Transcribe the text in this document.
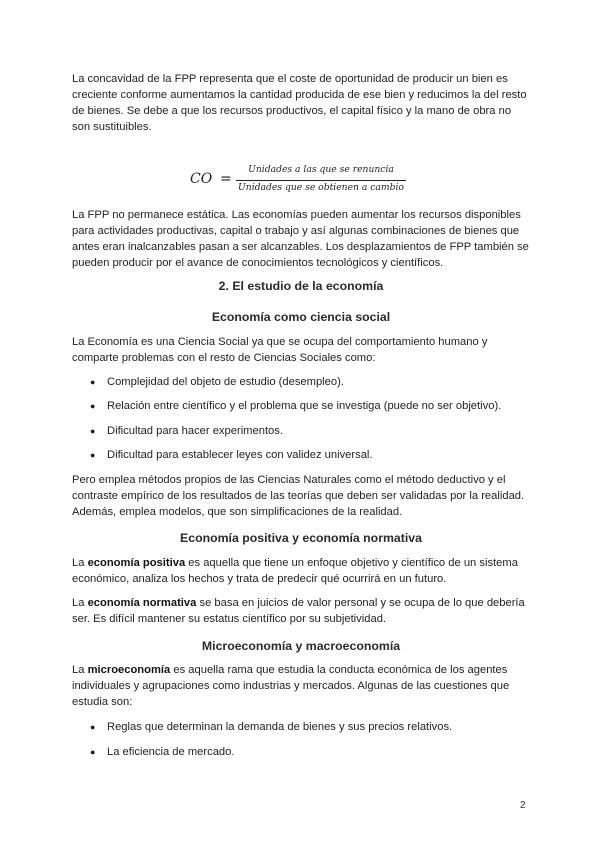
La concavidad de la FPP representa que el coste de oportunidad de producir un bien es creciente conforme aumentamos la cantidad producida de ese bien y reducimos la del resto de bienes. Se debe a que los recursos productivos, el capital físico y la mano de obra no son sustituibles.

CO =
Unidades a las que se renuncia
Unidades que se obtienen a cambio

La FPP no permanece estática. Las economías pueden aumentar los recursos disponibles para actividades productivas, capital o trabajo y así algunas combinaciones de bienes que antes eran inalcanzables pasan a ser alcanzables. Los desplazamientos de FPP también se pueden producir por el avance de conocimientos tecnológicos y científicos.

2. El estudio de la economía
Economía como ciencia social

La Economía es una Ciencia Social ya que se ocupa del comportamiento humano y comparte problemas con el resto de Ciencias Sociales como:

●	Complejidad del objeto de estudio (desempleo).
●	Relación entre científico y el problema que se investiga (puede no ser objetivo).
●	Dificultad para hacer experimentos.
●	Dificultad para establecer leyes con validez universal.

Pero emplea métodos propios de las Ciencias Naturales como el método deductivo y el contraste empírico de los resultados de las teorías que deben ser validadas por la realidad. Además, emplea modelos, que son simplificaciones de la realidad.

Economía positiva y economía normativa

La economía positiva es aquella que tiene un enfoque objetivo y científico de un sistema económico, analiza los hechos y trata de predecir qué ocurrirá en un futuro.

La economía normativa se basa en juicios de valor personal y se ocupa de lo que debería ser. Es difícil mantener su estatus científico por su subjetividad.

Microeconomía y macroeconomía

La microeconomía es aquella rama que estudia la conducta económica de los agentes individuales y agrupaciones como industrias y mercados. Algunas de las cuestiones que estudia son:

●	Reglas que determinan la demanda de bienes y sus precios relativos.
●	La eficiencia de mercado.
2
